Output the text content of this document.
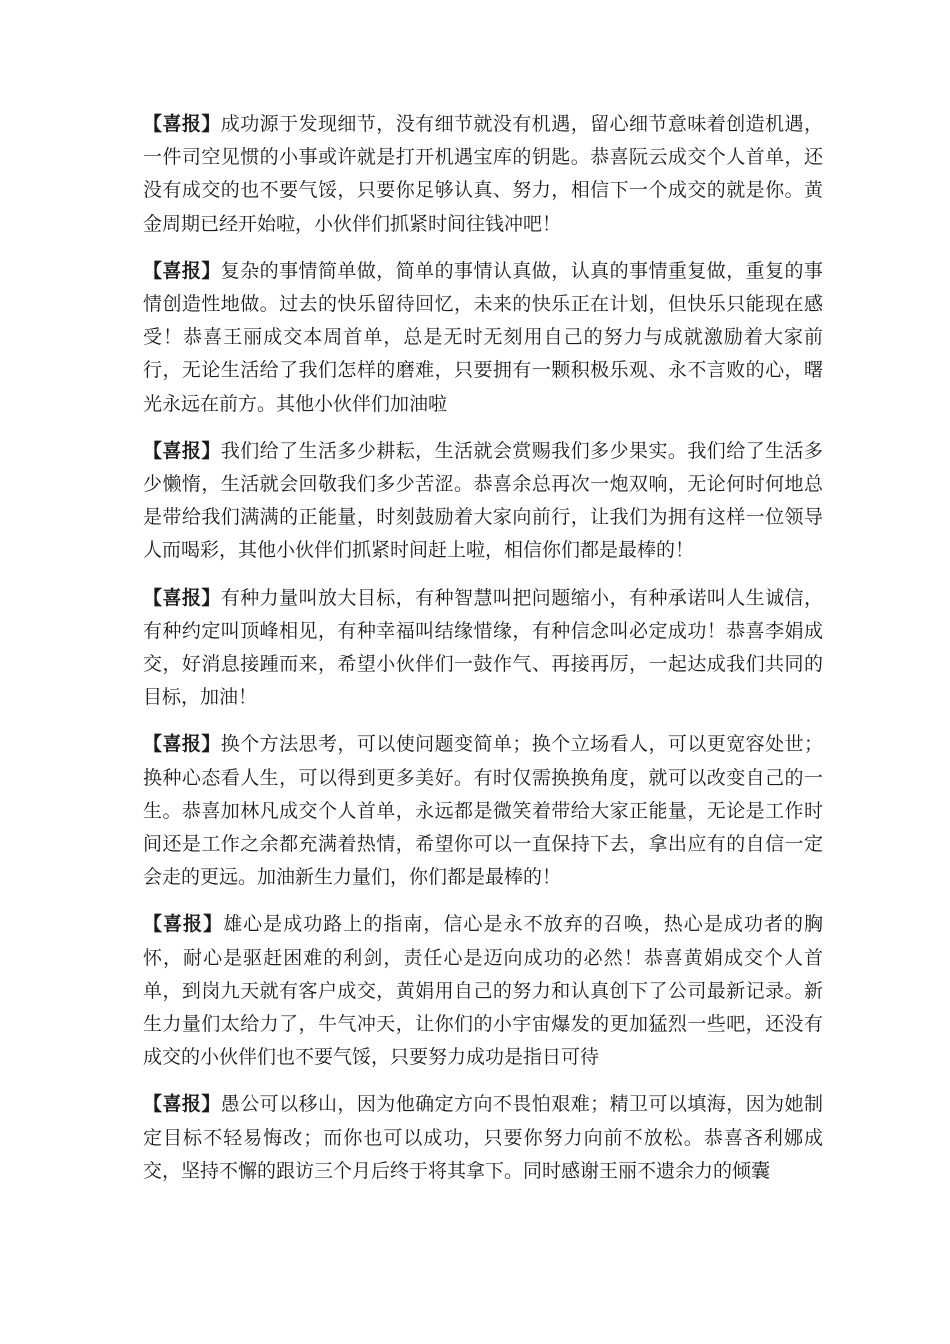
【喜报】成功源于发现细节，没有细节就没有机遇，留心细节意味着创造机遇，一件司空见惯的小事或许就是打开机遇宝库的钥匙。恭喜阮云成交个人首单，还没有成交的也不要气馁，只要你足够认真、努力，相信下一个成交的就是你。黄金周期已经开始啦，小伙伴们抓紧时间往钱冲吧！

【喜报】复杂的事情简单做，简单的事情认真做，认真的事情重复做，重复的事情创造性地做。过去的快乐留待回忆，未来的快乐正在计划，但快乐只能现在感受！恭喜王丽成交本周首单，总是无时无刻用自己的努力与成就激励着大家前行，无论生活给了我们怎样的磨难，只要拥有一颗积极乐观、永不言败的心，曙光永远在前方。其他小伙伴们加油啦

【喜报】我们给了生活多少耕耘，生活就会赏赐我们多少果实。我们给了生活多少懒惰，生活就会回敬我们多少苦涩。恭喜余总再次一炮双响，无论何时何地总是带给我们满满的正能量，时刻鼓励着大家向前行，让我们为拥有这样一位领导人而喝彩，其他小伙伴们抓紧时间赶上啦，相信你们都是最棒的！

【喜报】有种力量叫放大目标，有种智慧叫把问题缩小，有种承诺叫人生诚信，有种约定叫顶峰相见，有种幸福叫结缘惜缘，有种信念叫必定成功！恭喜李娟成交，好消息接踵而来，希望小伙伴们一鼓作气、再接再厉，一起达成我们共同的目标，加油！

【喜报】换个方法思考，可以使问题变简单；换个立场看人，可以更宽容处世；换种心态看人生，可以得到更多美好。有时仅需换换角度，就可以改变自己的一生。恭喜加林凡成交个人首单，永远都是微笑着带给大家正能量，无论是工作时间还是工作之余都充满着热情，希望你可以一直保持下去，拿出应有的自信一定会走的更远。加油新生力量们，你们都是最棒的！

【喜报】雄心是成功路上的指南，信心是永不放弃的召唤，热心是成功者的胸怀，耐心是驱赶困难的利剑，责任心是迈向成功的必然！恭喜黄娟成交个人首单，到岗九天就有客户成交，黄娟用自己的努力和认真创下了公司最新记录。新生力量们太给力了，牛气冲天，让你们的小宇宙爆发的更加猛烈一些吧，还没有成交的小伙伴们也不要气馁，只要努力成功是指日可待

【喜报】愚公可以移山，因为他确定方向不畏怕艰难；精卫可以填海，因为她制定目标不轻易悔改；而你也可以成功，只要你努力向前不放松。恭喜吝利娜成交，坚持不懈的跟访三个月后终于将其拿下。同时感谢王丽不遗余力的倾囊
